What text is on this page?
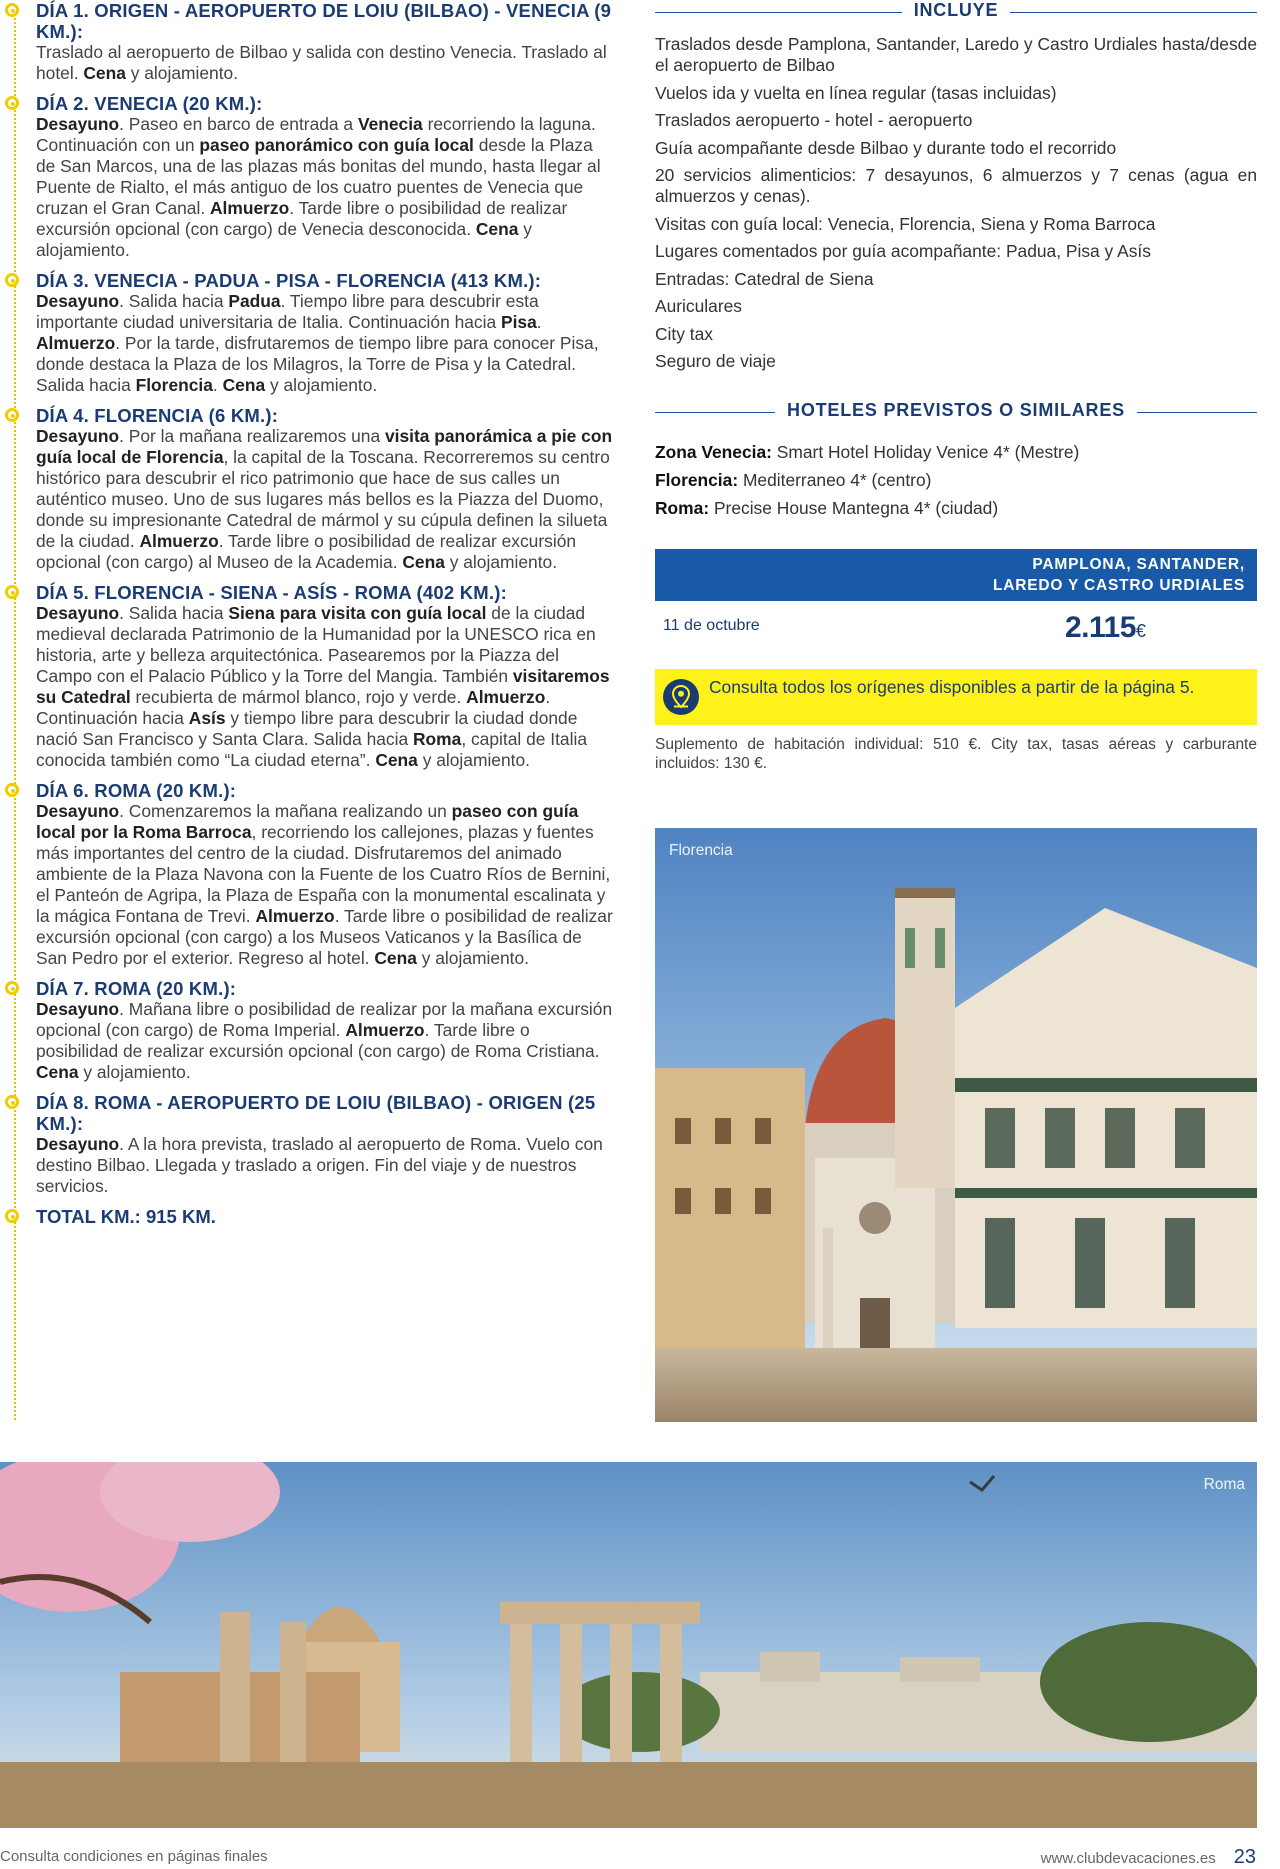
DÍA 1. ORIGEN - AEROPUERTO DE LOIU (BILBAO) - VENECIA (9 KM.):
Traslado al aeropuerto de Bilbao y salida con destino Venecia. Traslado al hotel. Cena y alojamiento.
DÍA 2. VENECIA (20 KM.):
Desayuno. Paseo en barco de entrada a Venecia recorriendo la laguna. Continuación con un paseo panorámico con guía local desde la Plaza de San Marcos, una de las plazas más bonitas del mundo, hasta llegar al Puente de Rialto, el más antiguo de los cuatro puentes de Venecia que cruzan el Gran Canal. Almuerzo. Tarde libre o posibilidad de realizar excursión opcional (con cargo) de Venecia desconocida. Cena y alojamiento.
DÍA 3. VENECIA - PADUA - PISA - FLORENCIA (413 KM.):
Desayuno. Salida hacia Padua. Tiempo libre para descubrir esta importante ciudad universitaria de Italia. Continuación hacia Pisa. Almuerzo. Por la tarde, disfrutaremos de tiempo libre para conocer Pisa, donde destaca la Plaza de los Milagros, la Torre de Pisa y la Catedral. Salida hacia Florencia. Cena y alojamiento.
DÍA 4. FLORENCIA (6 KM.):
Desayuno. Por la mañana realizaremos una visita panorámica a pie con guía local de Florencia, la capital de la Toscana. Recorreremos su centro histórico para descubrir el rico patrimonio que hace de sus calles un auténtico museo. Uno de sus lugares más bellos es la Piazza del Duomo, donde su impresionante Catedral de mármol y su cúpula definen la silueta de la ciudad. Almuerzo. Tarde libre o posibilidad de realizar excursión opcional (con cargo) al Museo de la Academia. Cena y alojamiento.
DÍA 5. FLORENCIA - SIENA - ASÍS - ROMA (402 KM.):
Desayuno. Salida hacia Siena para visita con guía local de la ciudad medieval declarada Patrimonio de la Humanidad por la UNESCO rica en historia, arte y belleza arquitectónica. Pasearemos por la Piazza del Campo con el Palacio Público y la Torre del Mangia. También visitaremos su Catedral recubierta de mármol blanco, rojo y verde. Almuerzo. Continuación hacia Asís y tiempo libre para descubrir la ciudad donde nació San Francisco y Santa Clara. Salida hacia Roma, capital de Italia conocida también como “La ciudad eterna”. Cena y alojamiento.
DÍA 6. ROMA (20 KM.):
Desayuno. Comenzaremos la mañana realizando un paseo con guía local por la Roma Barroca, recorriendo los callejones, plazas y fuentes más importantes del centro de la ciudad. Disfrutaremos del animado ambiente de la Plaza Navona con la Fuente de los Cuatro Ríos de Bernini, el Panteón de Agripa, la Plaza de España con la monumental escalinata y la mágica Fontana de Trevi. Almuerzo. Tarde libre o posibilidad de realizar excursión opcional (con cargo) a los Museos Vaticanos y la Basílica de San Pedro por el exterior. Regreso al hotel. Cena y alojamiento.
DÍA 7. ROMA (20 KM.):
Desayuno. Mañana libre o posibilidad de realizar por la mañana excursión opcional (con cargo) de Roma Imperial. Almuerzo. Tarde libre o posibilidad de realizar excursión opcional (con cargo) de Roma Cristiana. Cena y alojamiento.
DÍA 8. ROMA - AEROPUERTO DE LOIU (BILBAO) - ORIGEN (25 KM.):
Desayuno. A la hora prevista, traslado al aeropuerto de Roma. Vuelo con destino Bilbao. Llegada y traslado a origen. Fin del viaje y de nuestros servicios.
TOTAL KM.: 915 KM.
INCLUYE
Traslados desde Pamplona, Santander, Laredo y Castro Urdiales hasta/desde el aeropuerto de Bilbao
Vuelos ida y vuelta en línea regular (tasas incluidas)
Traslados aeropuerto - hotel - aeropuerto
Guía acompañante desde Bilbao y durante todo el recorrido
20 servicios alimenticios: 7 desayunos, 6 almuerzos y 7 cenas (agua en almuerzos y cenas).
Visitas con guía local: Venecia, Florencia, Siena y Roma Barroca
Lugares comentados por guía acompañante: Padua, Pisa y Asís
Entradas: Catedral de Siena
Auriculares
City tax
Seguro de viaje
HOTELES PREVISTOS O SIMILARES
Zona Venecia: Smart Hotel Holiday Venice 4* (Mestre)
Florencia: Mediterraneo 4* (centro)
Roma: Precise House Mantegna 4* (ciudad)
PAMPLONA, SANTANDER,
LAREDO Y CASTRO URDIALES
11 de octubre	2.115€
Consulta todos los orígenes disponibles a partir de la página 5.
Suplemento de habitación individual: 510 €. City tax, tasas aéreas y carburante incluidos: 130 €.
Florencia
Roma
Consulta condiciones en páginas finales	www.clubdevacaciones.es 23
